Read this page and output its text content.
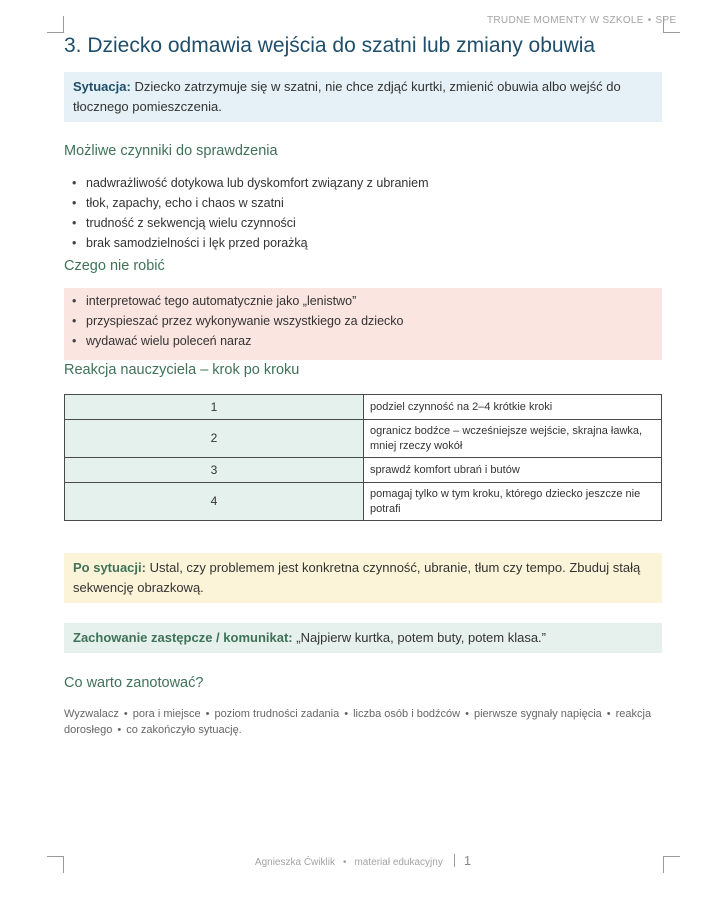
TRUDNE MOMENTY W SZKOLE • SPE
3. Dziecko odmawia wejścia do szatni lub zmiany obuwia
Sytuacja: Dziecko zatrzymuje się w szatni, nie chce zdjąć kurtki, zmienić obuwia albo wejść do tłocznego pomieszczenia.
Możliwe czynniki do sprawdzenia
• nadwrażliwość dotykowa lub dyskomfort związany z ubraniem
• tłok, zapachy, echo i chaos w szatni
• trudność z sekwencją wielu czynności
• brak samodzielności i lęk przed porażką
Czego nie robić
• interpretować tego automatycznie jako „lenistwo”
• przyspieszać przez wykonywanie wszystkiego za dziecko
• wydawać wielu poleceń naraz
Reakcja nauczyciela – krok po kroku
1	podziel czynność na 2–4 krótkie kroki
2	ogranicz bodźce – wcześniejsze wejście, skrajna ławka, mniej rzeczy wokół
3	sprawdź komfort ubrań i butów
4	pomagaj tylko w tym kroku, którego dziecko jeszcze nie potrafi
Po sytuacji: Ustal, czy problemem jest konkretna czynność, ubranie, tłum czy tempo. Zbuduj stałą sekwencję obrazkową.
Zachowanie zastępcze / komunikat: „Najpierw kurtka, potem buty, potem klasa.”
Co warto zanotować?
Wyzwalacz • pora i miejsce • poziom trudności zadania • liczba osób i bodźców • pierwsze sygnały napięcia • reakcja dorosłego • co zakończyło sytuację.
Agnieszka Ćwiklik • materiał edukacyjny 1
